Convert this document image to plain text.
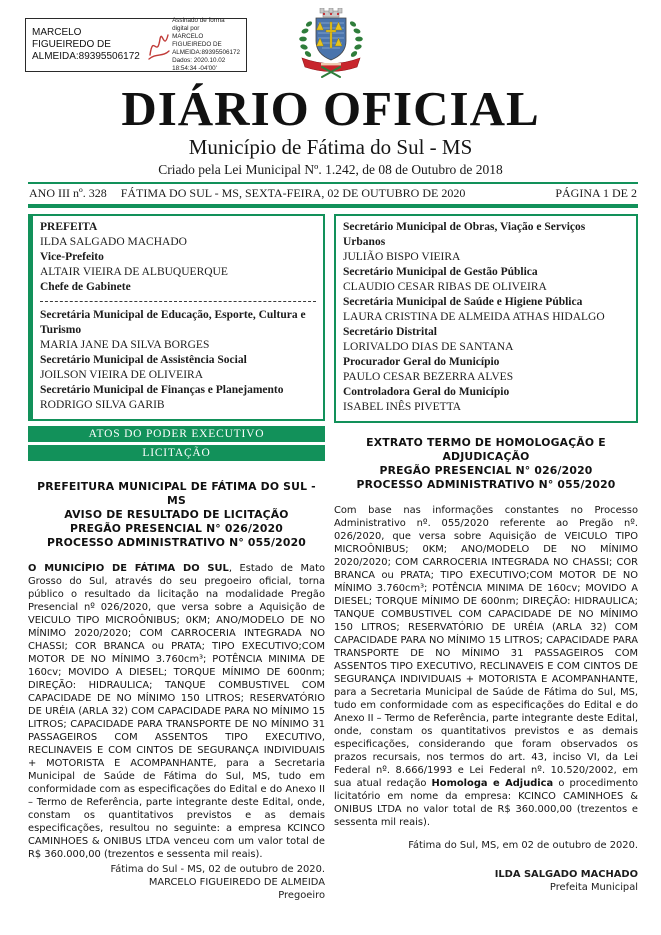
MARCELO FIGUEIREDO DE ALMEIDA:89395506172
Assinado de forma digital por
MARCELO FIGUEIREDO DE
ALMEIDA:89395506172
Dados: 2020.10.02 18:54:34 -04'00'
DIÁRIO OFICIAL
Município de Fátima do Sul - MS
Criado pela Lei Municipal Nº. 1.242, de 08 de Outubro de 2018
ANO III nº. 328 FÁTIMA DO SUL - MS, SEXTA-FEIRA, 02 DE OUTUBRO DE 2020	PÁGINA 1 DE 2
PREFEITA
ILDA SALGADO MACHADO
Vice-Prefeito
ALTAIR VIEIRA DE ALBUQUERQUE
Chefe de Gabinete
Secretária Municipal de Educação, Esporte, Cultura e Turismo
MARIA JANE DA SILVA BORGES
Secretário Municipal de Assistência Social
JOILSON VIEIRA DE OLIVEIRA
Secretário Municipal de Finanças e Planejamento
RODRIGO SILVA GARIB
ATOS DO PODER EXECUTIVO
LICITAÇÃO
PREFEITURA MUNICIPAL DE FÁTIMA DO SUL - MS
AVISO DE RESULTADO DE LICITAÇÃO
PREGÃO PRESENCIAL N° 026/2020
PROCESSO ADMINISTRATIVO N° 055/2020

O MUNICÍPIO DE FÁTIMA DO SUL, Estado de Mato Grosso do Sul, através do seu pregoeiro oficial, torna público o resultado da licitação na modalidade Pregão Presencial nº 026/2020, que versa sobre a Aquisição de VEICULO TIPO MICROÔNIBUS; 0KM; ANO/MODELO DE NO MÍNIMO 2020/2020; COM CARROCERIA INTEGRADA NO CHASSI; COR BRANCA ou PRATA; TIPO EXECUTIVO;COM MOTOR DE NO MÍNIMO 3.760cm³; POTÊNCIA MINIMA DE 160cv; MOVIDO A DIESEL; TORQUE MÍNIMO DE 600nm; DIREÇÃO: HIDRAULICA; TANQUE COMBUSTIVEL COM CAPACIDADE DE NO MÍNIMO 150 LITROS; RESERVATÓRIO DE URÉIA (ARLA 32) COM CAPACIDADE PARA NO MÍNIMO 15 LITROS; CAPACIDADE PARA TRANSPORTE DE NO MÍNIMO 31 PASSAGEIROS COM ASSENTOS TIPO EXECUTIVO, RECLINAVEIS E COM CINTOS DE SEGURANÇA INDIVIDUAIS + MOTORISTA E ACOMPANHANTE, para a Secretaria Municipal de Saúde de Fátima do Sul, MS, tudo em conformidade com as especificações do Edital e do Anexo II – Termo de Referência, parte integrante deste Edital, onde, constam os quantitativos previstos e as demais especificações, resultou no seguinte: a empresa KCINCO CAMINHOES & ONIBUS LTDA venceu com um valor total de R$ 360.000,00 (trezentos e sessenta mil reais).

Fátima do Sul - MS, 02 de outubro de 2020.
MARCELO FIGUEIREDO DE ALMEIDA
Pregoeiro
Secretário Municipal de Obras, Viação e Serviços Urbanos
JULIÃO BISPO VIEIRA
Secretário Municipal de Gestão Pública
CLAUDIO CESAR RIBAS DE OLIVEIRA
Secretária Municipal de Saúde e Higiene Pública
LAURA CRISTINA DE ALMEIDA ATHAS HIDALGO
Secretário Distrital
LORIVALDO DIAS DE SANTANA
Procurador Geral do Município
PAULO CESAR BEZERRA ALVES
Controladora Geral do Município
ISABEL INÊS PIVETTA
EXTRATO TERMO DE HOMOLOGAÇÃO E ADJUDICAÇÃO
PREGÃO PRESENCIAL N° 026/2020
PROCESSO ADMINISTRATIVO N° 055/2020

Com base nas informações constantes no Processo Administrativo nº. 055/2020 referente ao Pregão nº. 026/2020, que versa sobre Aquisição de VEICULO TIPO MICROÔNIBUS; 0KM; ANO/MODELO DE NO MÍNIMO 2020/2020; COM CARROCERIA INTEGRADA NO CHASSI; COR BRANCA ou PRATA; TIPO EXECUTIVO;COM MOTOR DE NO MÍNIMO 3.760cm³; POTÊNCIA MINIMA DE 160cv; MOVIDO A DIESEL; TORQUE MÍNIMO DE 600nm; DIREÇÃO: HIDRAULICA; TANQUE COMBUSTIVEL COM CAPACIDADE DE NO MÍNIMO 150 LITROS; RESERVATÓRIO DE URÉIA (ARLA 32) COM CAPACIDADE PARA NO MÍNIMO 15 LITROS; CAPACIDADE PARA TRANSPORTE DE NO MÍNIMO 31 PASSAGEIROS COM ASSENTOS TIPO EXECUTIVO, RECLINAVEIS E COM CINTOS DE SEGURANÇA INDIVIDUAIS + MOTORISTA E ACOMPANHANTE, para a Secretaria Municipal de Saúde de Fátima do Sul, MS, tudo em conformidade com as especificações do Edital e do Anexo II – Termo de Referência, parte integrante deste Edital, onde, constam os quantitativos previstos e as demais especificações, considerando que foram observados os prazos recursais, nos termos do art. 43, inciso VI, da Lei Federal nº. 8.666/1993 e Lei Federal nº. 10.520/2002, em sua atual redação Homologa e Adjudica o procedimento licitatório em nome da empresa: KCINCO CAMINHOES & ONIBUS LTDA no valor total de R$ 360.000,00 (trezentos e sessenta mil reais).

Fátima do Sul, MS, em 02 de outubro de 2020.
ILDA SALGADO MACHADO
Prefeita Municipal
